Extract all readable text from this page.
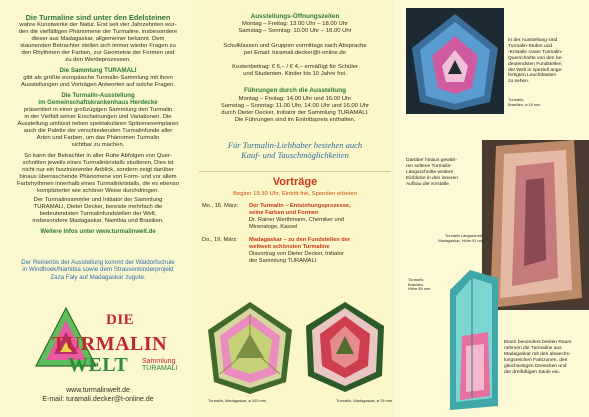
Die Turmaline sind unter den Edelsteinen
wahre Kunstwerke der Natur. Erst seit vier Jahrzehnten wur-
den die vielfältigen Phänomene der Turmaline, insbesondere
dieser aus Madagaskar, allgemeiner bekannt. Dem
staunenden Betrachter stellen sich immer wieder Fragen zu
den Rhythmen der Farben, zur Geometrie der Formen und
zu den Werdeprozessen.
Die Sammlung TURAMALI
gibt als größte europäische Turmalin-Sammlung mit ihren
Ausstellungen und Vorträgen Antworten auf solche Fragen.
Die Turmalin-Ausstellung
im Gemeinschaftskrankenhaus Herdecke
präsentiert in einer großzügigen Sammlung den Turmalin
in der Vielfalt seiner Erscheinungen und Variationen. Die
Ausstellung umfasst neben spektakulären Spitzenexemplaren
auch die Palette der verschiedensten Turmalinfunde aller
Arten und Farben, um das Phänomen Turmalin
sichtbar zu machen.
So kann der Betrachter in aller Ruhe Abfolgen von Quer-
schnitten jeweils eines Turmalinkristalls studieren. Dies ist
nicht nur ein faszinierender Anblick, sondern zeigt darüber
hinaus überraschende Phänomene von Form- und vor allem
Farbrhythmen innerhalb eines Turmalinkristalls, die es ebenso
komplizierter wie schöner Weise durchdringen.
Der Turmalinsammler und Initiator der Sammlung
TURAMALI, Dieter Decker, bereiste mehrfach die
bedeutendsten Turmalinfundstellen der Welt,
insbesondere Madagaskar, Namibia und Brasilien.
Weitere Infos unter www.turmalinwelt.de
Der Reinerlös der Ausstellung kommt der Waldorfschule
in Windhoek/Namibia sowie dem Strassenkinderprojekt
Zaza Faly auf Madagaskar zugute.
DIE
TURMALIN
WELT Sammlung
TURAMALI
www.turmalinwelt.de
E-mail: turamali.decker@t-online.de
Ausstellungs-Öffnungszeiten
Montag – Freitag: 13.00 Uhr – 18.00 Uhr
Samstag – Sonntag: 10.00 Uhr – 18.00 Uhr
Schulklassen und Gruppen vormittags nach Absprache
per Email: turamali.decker@t-online.de
Kostenbeitrag: € 6,– / € 4,– ermäßigt für Schüler
und Studenten. Kinder bis 10 Jahre frei.
Führungen durch die Ausstellung
Montag – Freitag: 14.00 Uhr und 16.00 Uhr
Samstag – Sonntag: 11.00 Uhr, 14.00 Uhr und 16.00 Uhr
durch Dieter Decker, Initiator der Sammlung TURAMALI.
Die Führungen sind im Eintrittspreis enthalten.
Für Turmalin-Liebhaber bestehen auch
Kauf- und Tauschmöglichkeiten
Vorträge
Beginn 19.30 Uhr, Eintritt frei, Spenden erbeten
Mo., 16. März:	Der Turmalin – Entstehungsprozesse,
seine Farben und Formen
Dr. Rainer Werthmann, Chemiker und
Mineraloge, Kassel
Do., 19. März:	Madagaskar – zu den Fundstellen der
weltweit schönsten Turmaline
Diavortrag von Dieter Decker, Initiator
der Sammlung TURAMALI
Turmalin, Madagaskar, ⌀ 103 mm	Turmalin, Madagaskar, ⌀ 75 mm
In der Ausstellung sind
Turmalin-Stufen und
-Kristalle sowie Turmalin-
Querschnitte von den be-
deutendsten Fundstellen
der Welt in speziell ange-
fertigten Leuchtkästen
zu sehen.
Turmalin,
Brasilien, ⌀ 18 mm
Darüber hinaus gewäh-
ren seltene Turmalin-
Längsschnitte weitere
Einblicke in den inneren
Aufbau der Kristalle.
Turmalin Längsschnitt,
Madagaskar, Höhe 91 mm
Turmalin,
Brasilien,
Höhe 85 mm
Einen besonders breiten Raum
nehmen die Turmaline aus
Madagaskar mit den abwechs-
lungsreichen Farbzonen, den
gleichseitigen Dreiecken und
der dreifüßigen Säule ein.
